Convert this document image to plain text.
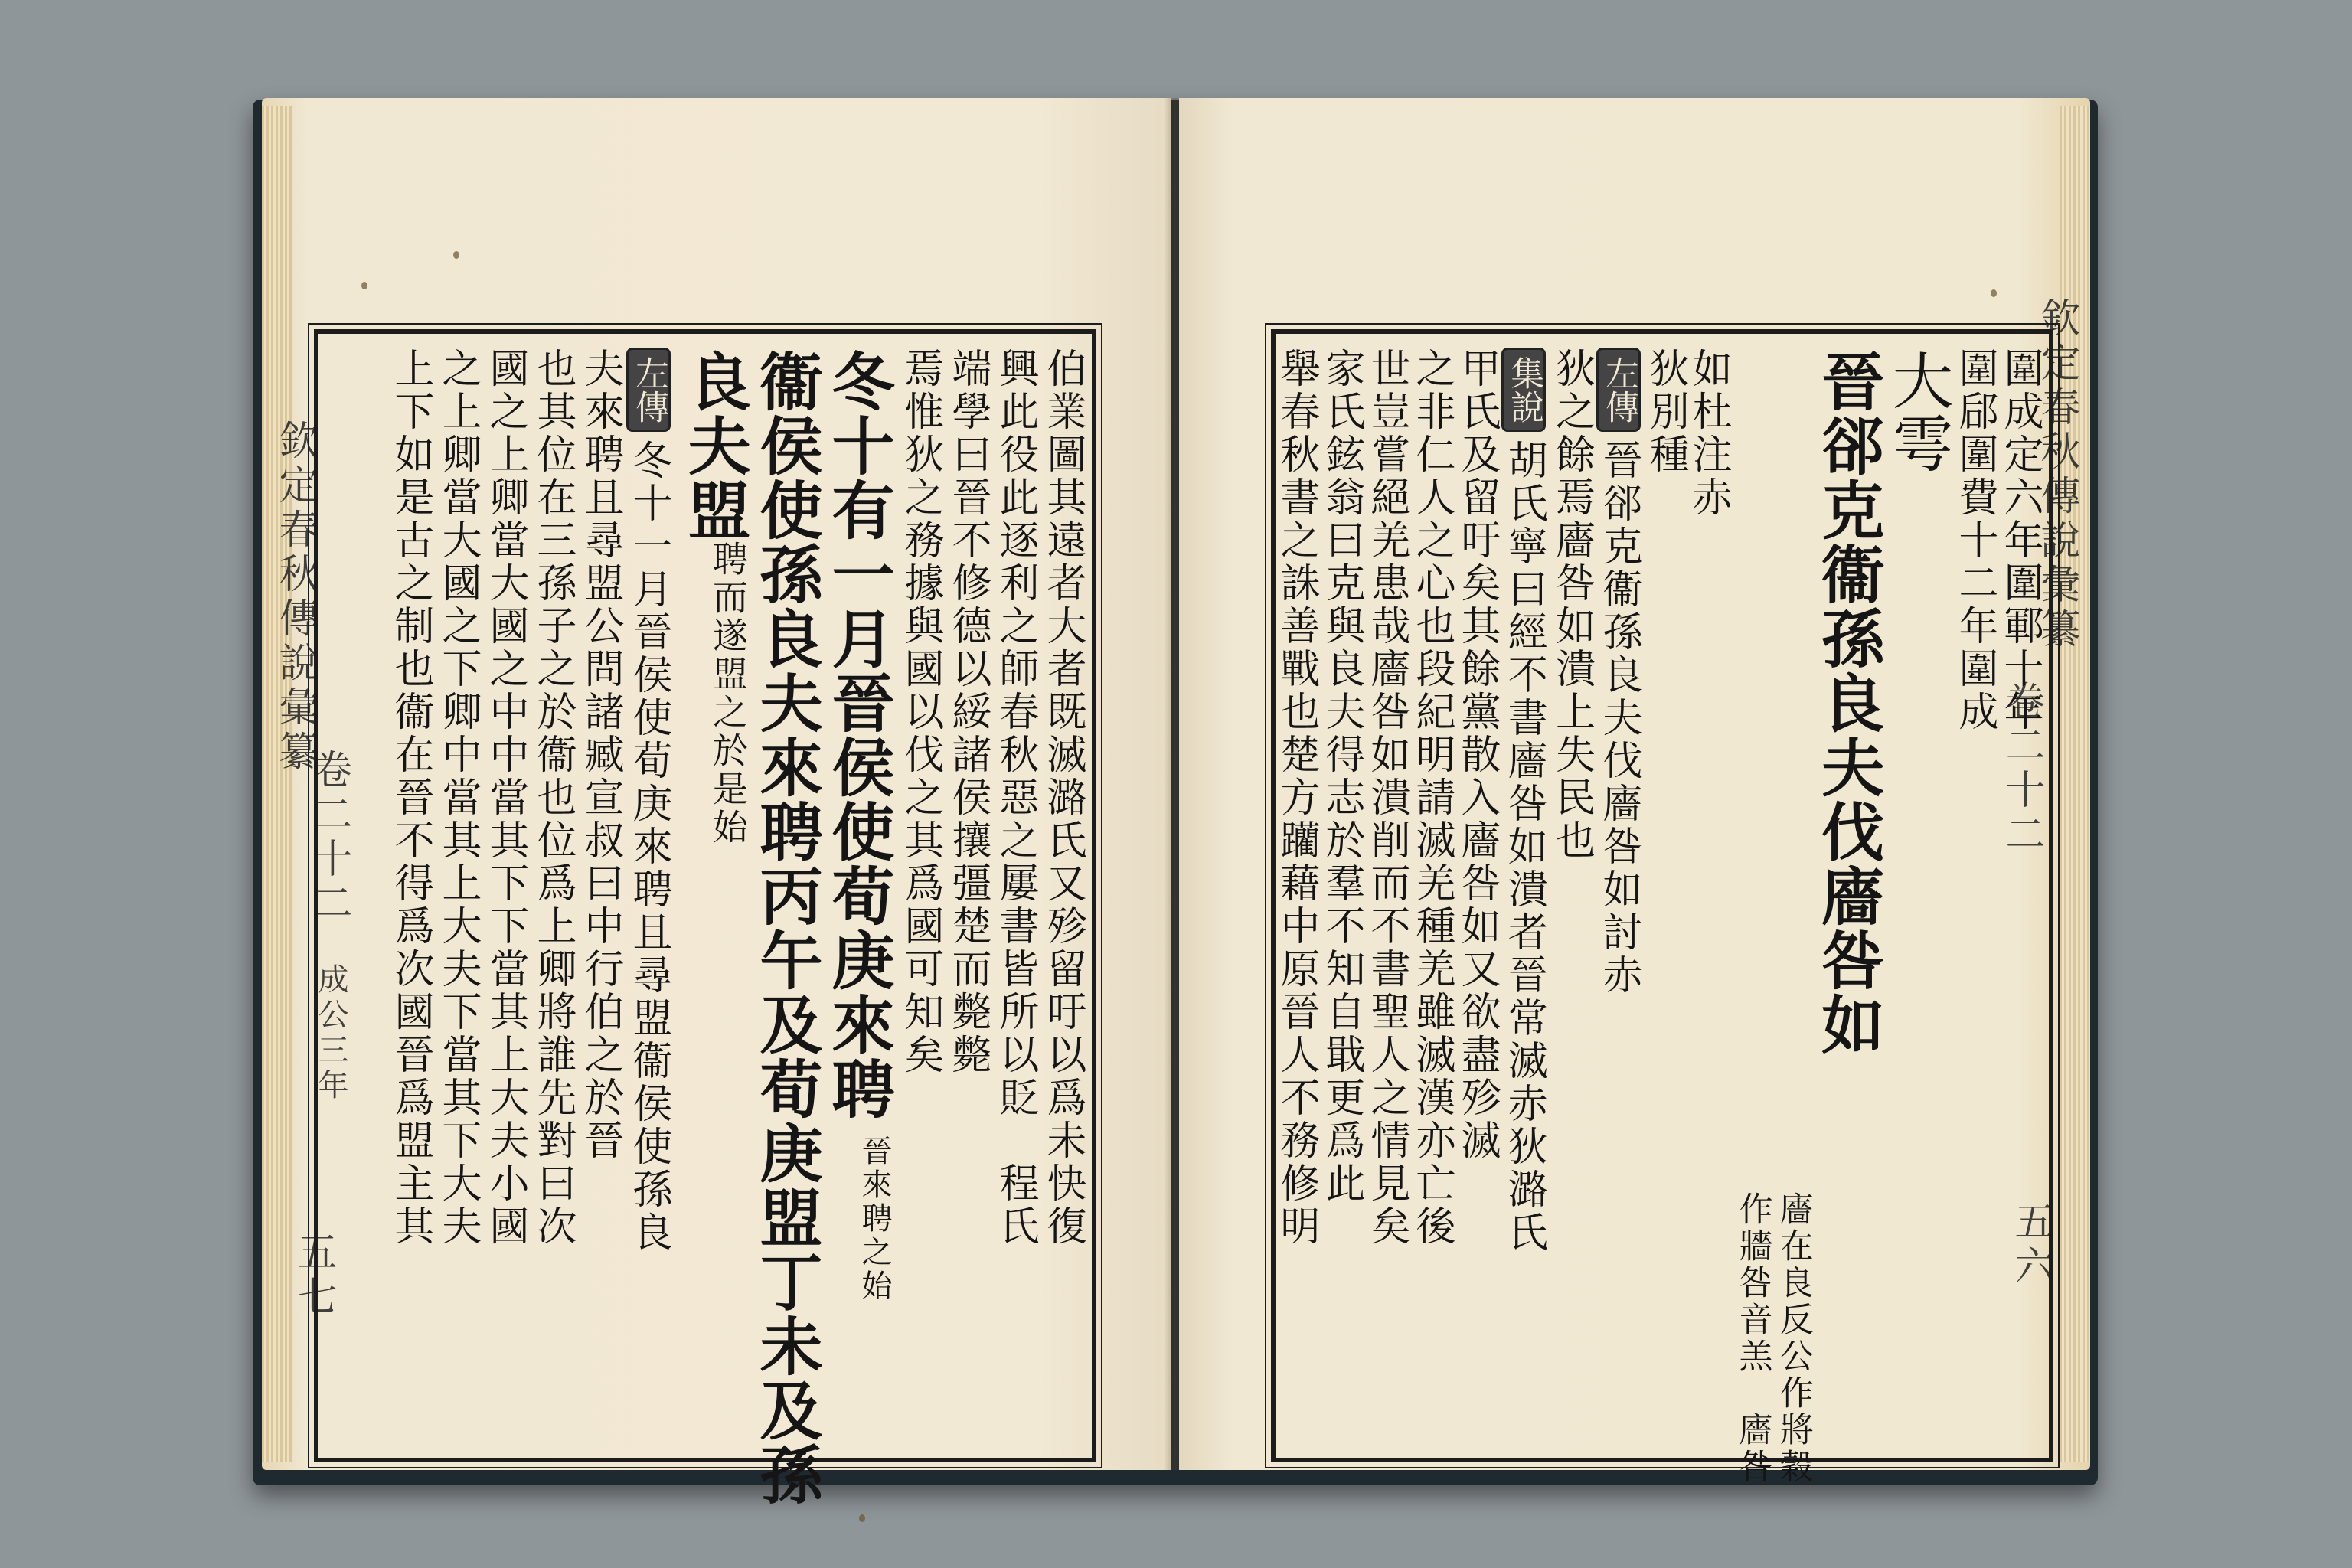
欽定春秋傳說彙纂
卷二十二
成公三年
五七
伯業圖其遠者大者既滅潞氏又殄留吁以爲未快復
興此役此逐利之師春秋惡之屢書皆所以貶　程氏
端學曰晉不修德以綏諸侯攘彊楚而斃斃
焉惟狄之務據與國以伐之其爲國可知矣
冬十有一月晉侯使荀庚來聘
晉來聘之始
衞侯使孫良夫來聘丙午及荀庚盟丁未及孫
良夫盟
聘而遂盟之於是始
左傳
冬十一月晉侯使荀庚來聘且尋盟衞侯使孫良
夫來聘且尋盟公問諸臧宣叔曰中行伯之於晉
也其位在三孫子之於衞也位爲上卿將誰先對曰次
國之上卿當大國之中中當其下下當其上大夫小國
之上卿當大國之下卿中當其上大夫下當其下大夫
上下如是古之制也衞在晉不得爲次國晉爲盟主其	欽定春秋傳說彙纂
卷二十二
五六
圍成定六年圍鄆十年
圍郈圍費十二年圍成
大雩
晉郤克衞孫良夫伐廧咎如
廧在良反公作將穀
作牆咎音羔　廧咎
如杜注赤
狄別種
左傳
晉郤克衞孫良夫伐廧咎如討赤
狄之餘焉廧咎如潰上失民也
集說
胡氏寧曰經不書廧咎如潰者晉常滅赤狄潞氏
甲氏及留吁矣其餘黨散入廧咎如又欲盡殄滅
之非仁人之心也段紀明請滅羌種羌雖滅漢亦亡後
世豈嘗絕羌患哉廧咎如潰削而不書聖人之情見矣
家氏鉉翁曰克與良夫得志於羣不知自戢更爲此
舉春秋書之誅善戰也楚方躪藉中原晉人不務修明
